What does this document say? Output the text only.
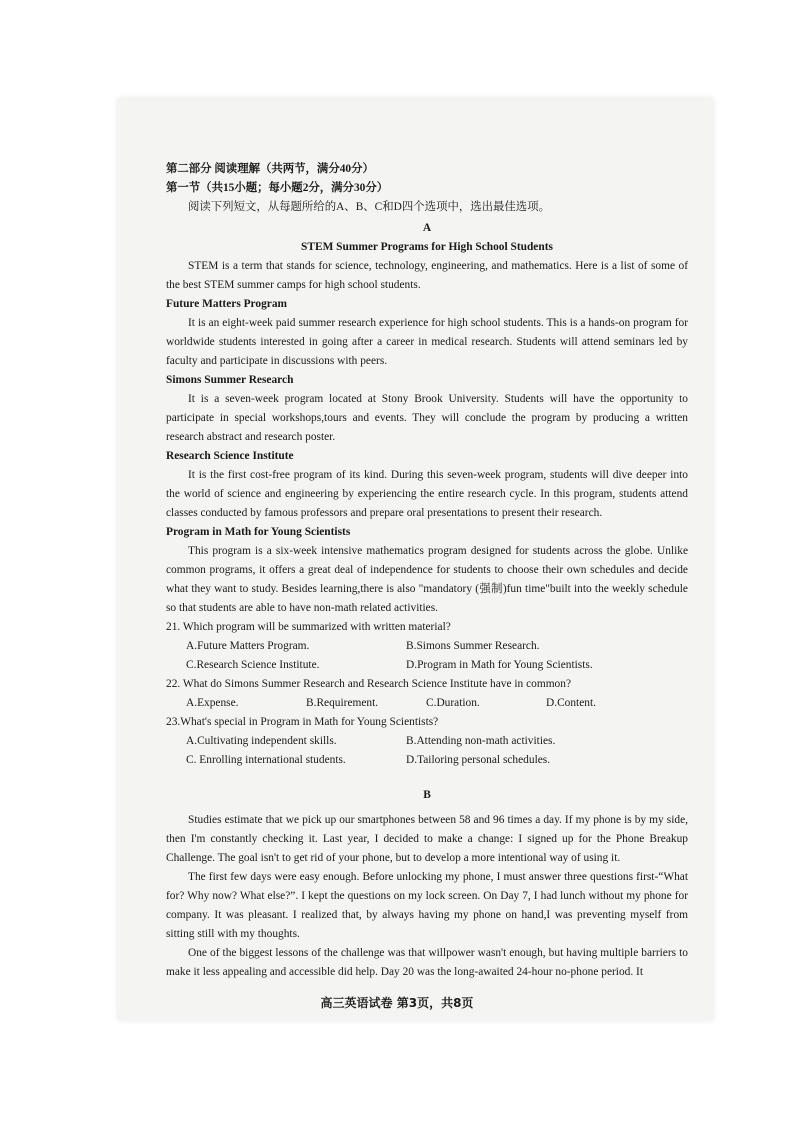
第二部分 阅读理解（共两节，满分40分）

第一节（共15小题；每小题2分，满分30分）

阅读下列短文，从每题所给的A、B、C和D四个选项中，选出最佳选项。

A

STEM Summer Programs for High School Students

STEM is a term that stands for science, technology, engineering, and mathematics. Here is a list of some of the best STEM summer camps for high school students.

Future Matters Program

It is an eight-week paid summer research experience for high school students. This is a hands-on program for worldwide students interested in going after a career in medical research. Students will attend seminars led by faculty and participate in discussions with peers.

Simons Summer Research

It is a seven-week program located at Stony Brook University. Students will have the opportunity to participate in special workshops,tours and events. They will conclude the program by producing a written research abstract and research poster.

Research Science Institute

It is the first cost-free program of its kind. During this seven-week program, students will dive deeper into the world of science and engineering by experiencing the entire research cycle. In this program, students attend classes conducted by famous professors and prepare oral presentations to present their research.

Program in Math for Young Scientists

This program is a six-week intensive mathematics program designed for students across the globe. Unlike common programs, it offers a great deal of independence for students to choose their own schedules and decide what they want to study. Besides learning,there is also "mandatory (强制)fun time"built into the weekly schedule so that students are able to have non-math related activities.

21. Which program will be summarized with written material?

A.Future Matters Program.	B.Simons Summer Research.
C.Research Science Institute.	D.Program in Math for Young Scientists.

22. What do Simons Summer Research and Research Science Institute have in common?

A.Expense.	B.Requirement.	C.Duration.	D.Content.

23.What's special in Program in Math for Young Scientists?

A.Cultivating independent skills.	B.Attending non-math activities.
C. Enrolling international students.	D.Tailoring personal schedules.

B

Studies estimate that we pick up our smartphones between 58 and 96 times a day. If my phone is by my side, then I'm constantly checking it. Last year, I decided to make a change: I signed up for the Phone Breakup Challenge. The goal isn't to get rid of your phone, but to develop a more intentional way of using it.

The first few days were easy enough. Before unlocking my phone, I must answer three questions first-“What for? Why now? What else?”. I kept the questions on my lock screen. On Day 7, I had lunch without my phone for company. It was pleasant. I realized that, by always having my phone on hand,I was preventing myself from sitting still with my thoughts.

One of the biggest lessons of the challenge was that willpower wasn't enough, but having multiple barriers to make it less appealing and accessible did help. Day 20 was the long-awaited 24-hour no-phone period. It

高三英语试卷 第3页，共8页
